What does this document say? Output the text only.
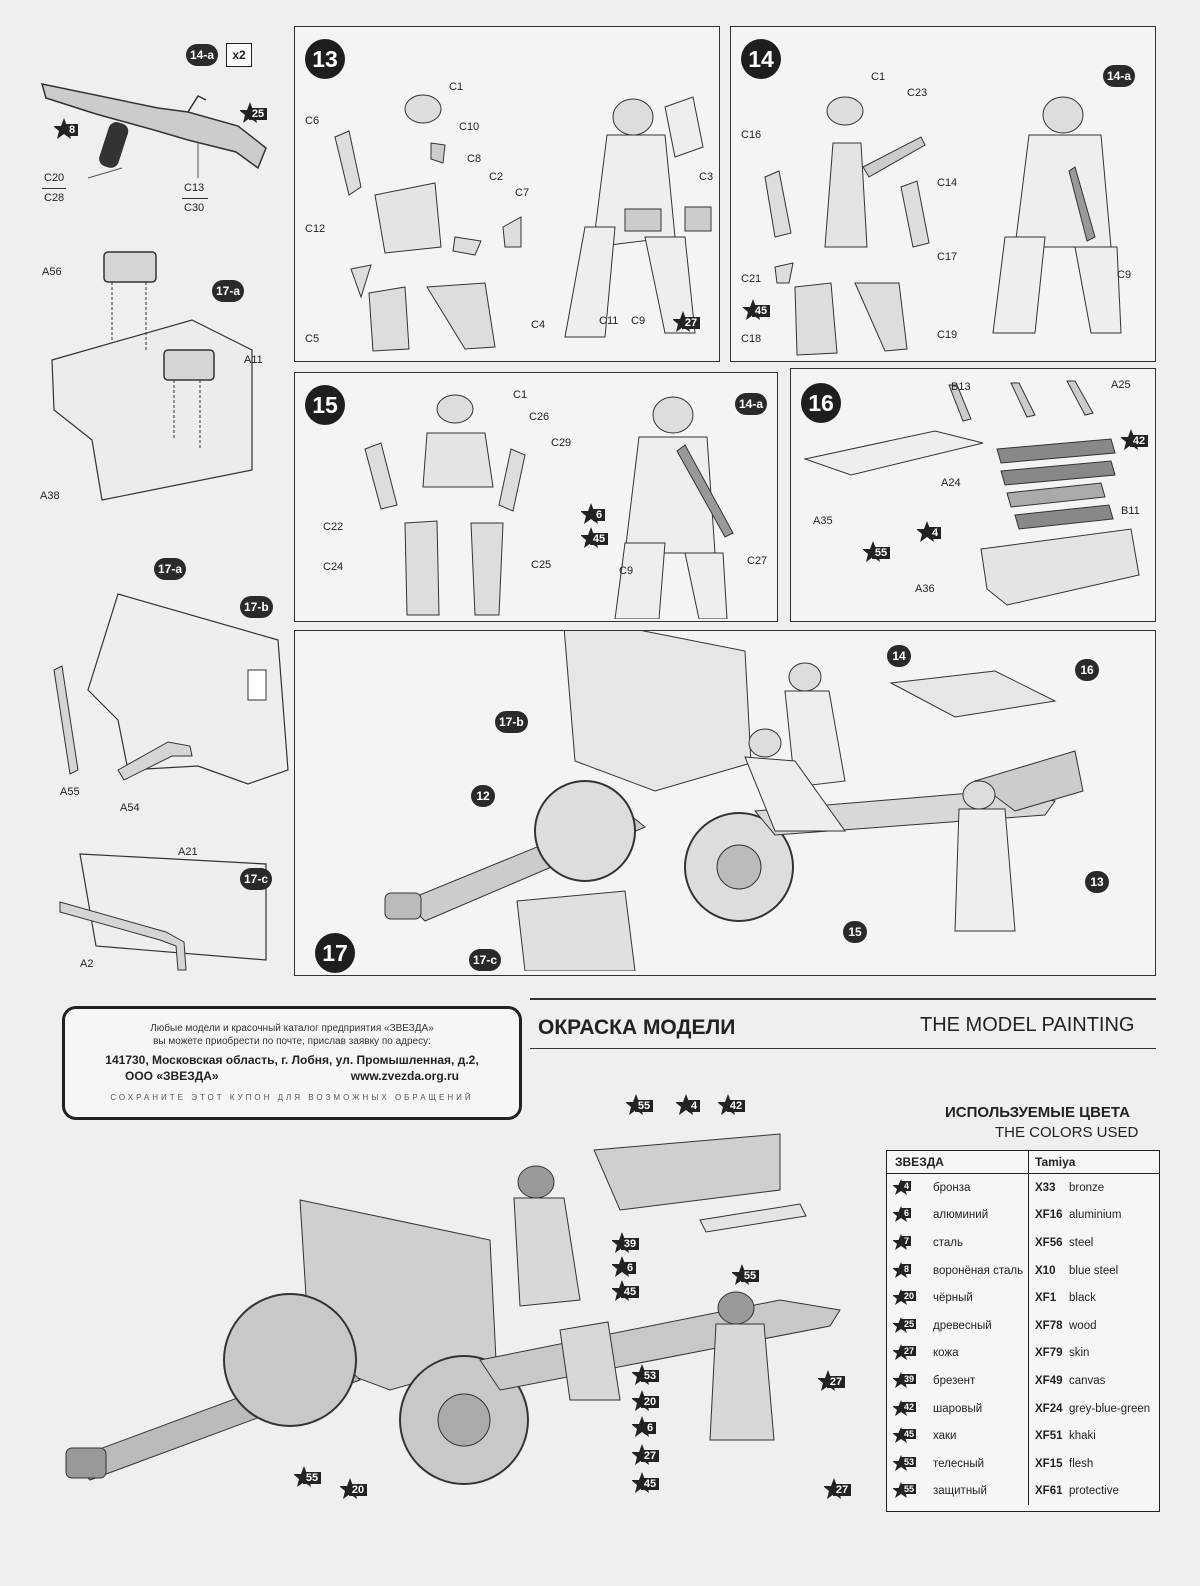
14-a	x2
8
25
C20
C28
C13
C30
A56
17-a
A11
A38
17-a
17-b
A55
A54
A21
17-c
A2
13
C1
C6	C10
C8
C2
C7
C12
C5
C4
C3
C11 C9	27
14
14-a
C1
C23
C16
C14
C17
C21
45
C18	C19
C9
15	C1
C26
C29
C22
C24	C25
14-a
6
45
C9
C27
16
B13	A25
42
A24
A35
4
B11
55
A36
17
14
16
17-b
12
13
15
17-c
Любые модели и красочный каталог предприятия «ЗВЕЗДА»
вы можете приобрести по почте, прислав заявку по адресу:
141730, Московская область, г. Лобня, ул. Промышленная, д.2,
ООО «ЗВЕЗДА»	www.zvezda.org.ru
СОХРАНИТЕ ЭТОТ КУПОН ДЛЯ ВОЗМОЖНЫХ ОБРАЩЕНИЙ
ОКРАСКА МОДЕЛИ	THE MODEL PAINTING
55	4	42
39
6
45
55
27
53
20
6
27
45	27
55
20
ИСПОЛЬЗУЕМЫЕ ЦВЕТА
THE COLORS USED
ЗВЕЗДА	Tamiya
4 бронза	X33	bronze
6 алюминий	XF16 aluminium
7 сталь	XF56 steel
8 воронёная сталь X10	blue steel
20 чёрный	XF1	black
25 древесный	XF78 wood
27 кожа	XF79 skin
39 брезент	XF49 canvas
42 шаровый	XF24 grey-blue-green
45 хаки	XF51 khaki
53 телесный	XF15 flesh
55 защитный	XF61 protective
